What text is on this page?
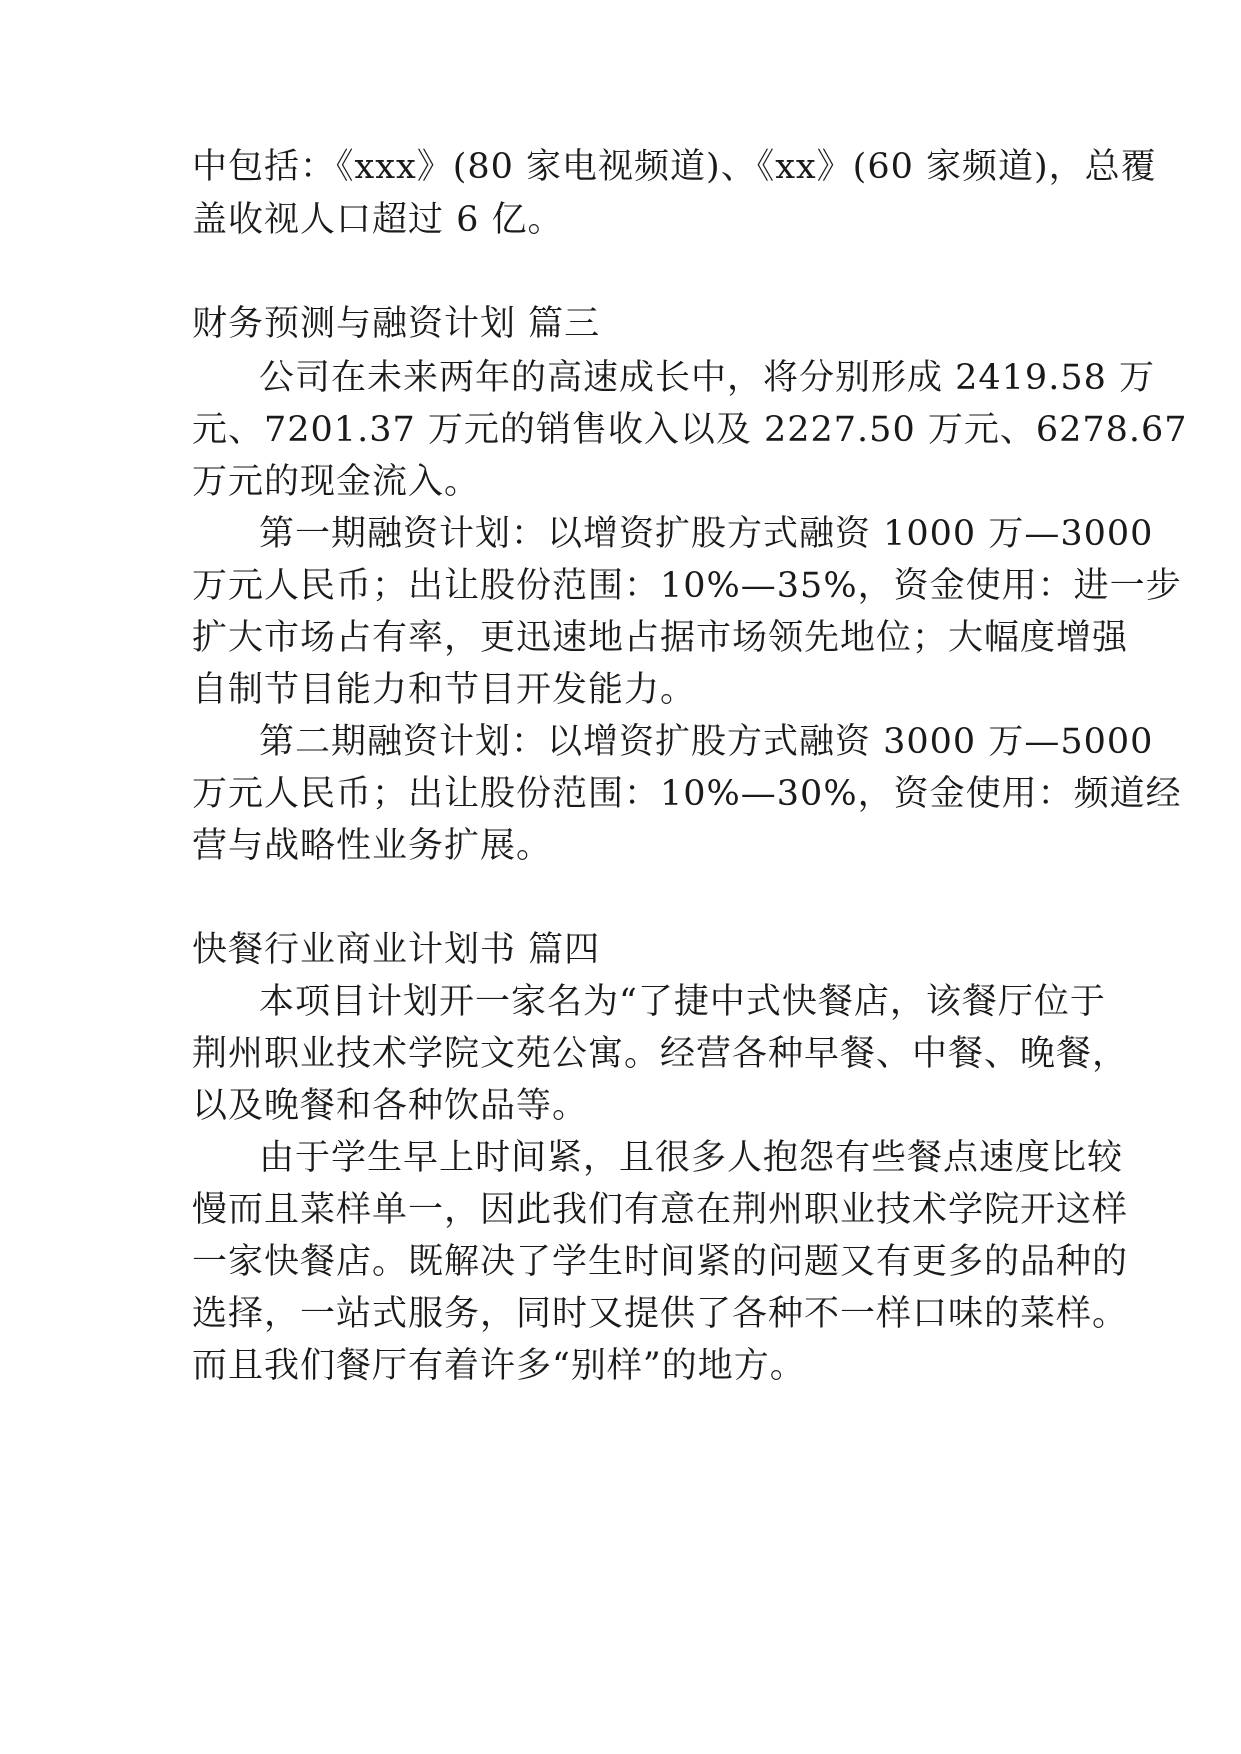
中包括：《xxx》(80 家电视频道)、《xx》(60 家频道)，总覆
盖收视人口超过 6 亿。
财务预测与融资计划 篇三
公司在未来两年的高速成长中，将分别形成 2419.58 万
元、7201.37 万元的销售收入以及 2227.50 万元、6278.67
万元的现金流入。
第一期融资计划：以增资扩股方式融资 1000 万—3000
万元人民币；出让股份范围：10%—35%，资金使用：进一步
扩大市场占有率，更迅速地占据市场领先地位；大幅度增强
自制节目能力和节目开发能力。
第二期融资计划：以增资扩股方式融资 3000 万—5000
万元人民币；出让股份范围：10%—30%，资金使用：频道经
营与战略性业务扩展。
快餐行业商业计划书 篇四
本项目计划开一家名为“了捷中式快餐店，该餐厅位于
荆州职业技术学院文苑公寓。经营各种早餐、中餐、晚餐，
以及晚餐和各种饮品等。
由于学生早上时间紧，且很多人抱怨有些餐点速度比较
慢而且菜样单一，因此我们有意在荆州职业技术学院开这样
一家快餐店。既解决了学生时间紧的问题又有更多的品种的
选择，一站式服务，同时又提供了各种不一样口味的菜样。
而且我们餐厅有着许多“别样”的地方。
